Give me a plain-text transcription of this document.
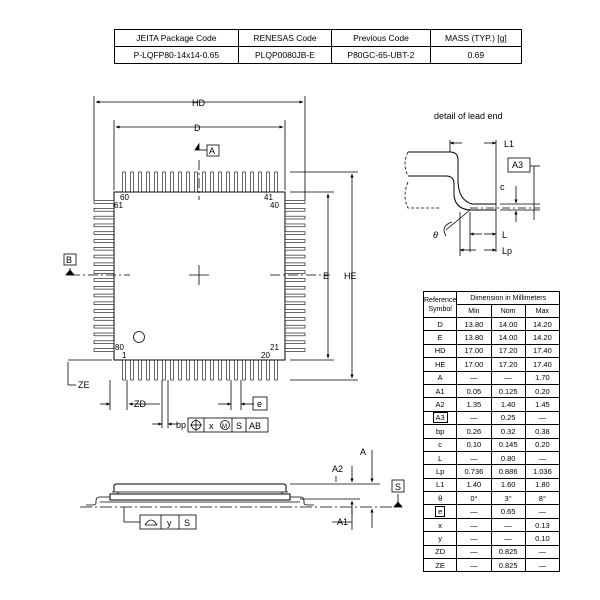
JEITA Package Code	RENESAS Code	Previous Code	MASS (TYP.) [g]
P-LQFP80-14x14-0.65	PLQP0080JB-E	P80GC-65-UBT-2	0.69
HD
D
E HE
ZE
ZD
bp
60
61
41
40
80
1
21
20
A
B
e
x M S AB
detail of lead end
L1
A3
c
θ	L
Lp
A
A2
A1
S
y S
Reference
Symbol	Dimension in Millimeters		
	Min	Nom	Max
D	13.80	14.00	14.20
E	13.80	14.00	14.20
HD	17.00	17.20	17.40
HE	17.00	17.20	17.40
A	—	—	1.70
A1	0.05	0.125	0.20
A2	1.35	1.40	1.45
A3	—	0.25	—
bp	0.26	0.32	0.38
c	0.10	0.145	0.20
L	—	0.80	—
Lp	0.736	0.886	1.036
L1	1.40	1.60	1.80
θ	0°	3°	8°
e	—	0.65	—
x	—	—	0.13
y	—	—	0.10
ZD	—	0.825	—
ZE	—	0.825	—
